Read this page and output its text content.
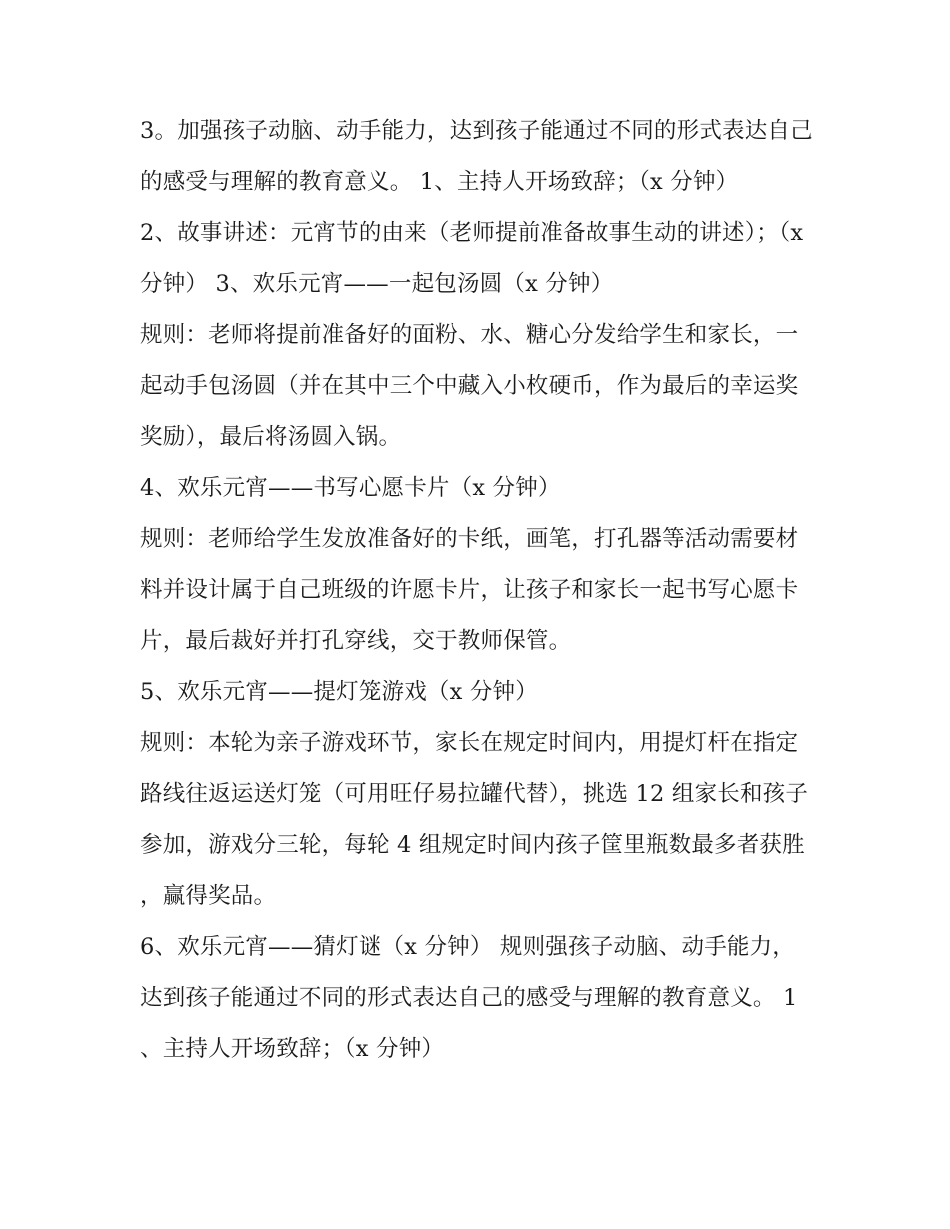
3。加强孩子动脑、动手能力，达到孩子能通过不同的形式表达自己的感受与理解的教育意义。 1、主持人开场致辞；（x 分钟）

2、故事讲述：元宵节的由来（老师提前准备故事生动的讲述）；（x 分钟） 3、欢乐元宵——一起包汤圆（x 分钟）

规则：老师将提前准备好的面粉、水、糖心分发给学生和家长，一起动手包汤圆（并在其中三个中藏入小枚硬币，作为最后的幸运奖奖励），最后将汤圆入锅。

4、欢乐元宵——书写心愿卡片（x 分钟）

规则：老师给学生发放准备好的卡纸，画笔，打孔器等活动需要材料并设计属于自己班级的许愿卡片，让孩子和家长一起书写心愿卡片，最后裁好并打孔穿线，交于教师保管。

5、欢乐元宵——提灯笼游戏（x 分钟）

规则：本轮为亲子游戏环节，家长在规定时间内，用提灯杆在指定路线往返运送灯笼（可用旺仔易拉罐代替），挑选 12 组家长和孩子参加，游戏分三轮，每轮 4 组规定时间内孩子筐里瓶数最多者获胜，赢得奖品。

6、欢乐元宵——猜灯谜（x 分钟） 规则强孩子动脑、动手能力，达到孩子能通过不同的形式表达自己的感受与理解的教育意义。 1、主持人开场致辞；（x 分钟）
